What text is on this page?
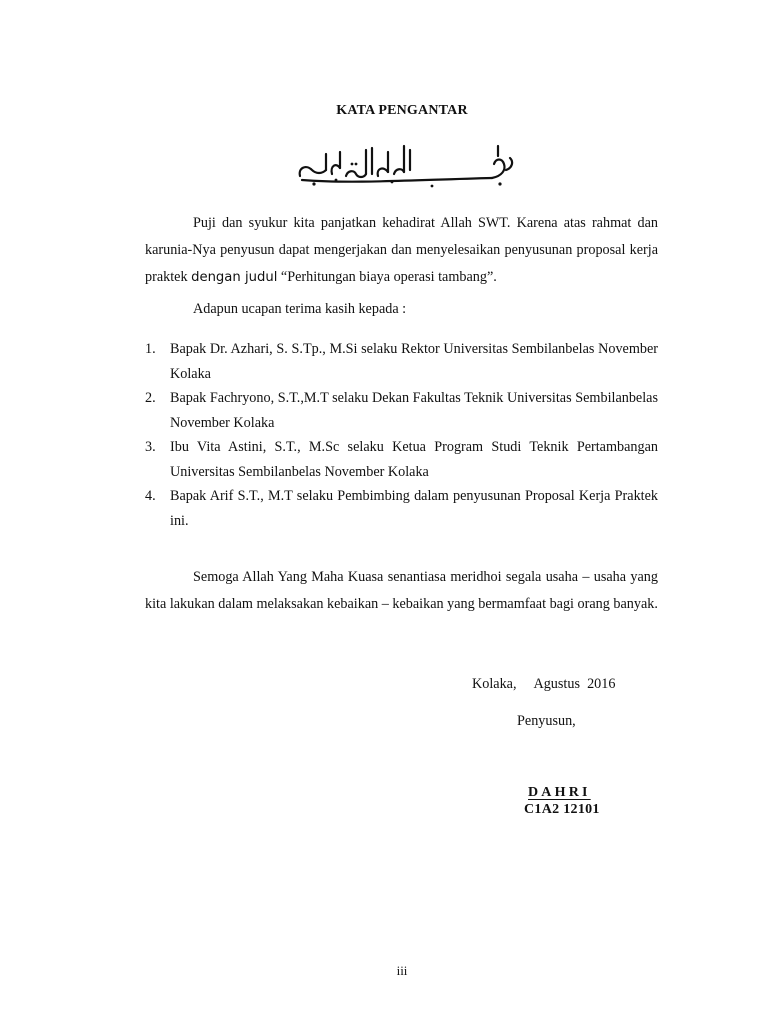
KATA PENGANTAR

Puji dan syukur kita panjatkan kehadirat Allah SWT. Karena atas rahmat dan karunia-Nya penyusun dapat mengerjakan dan menyelesaikan penyusunan proposal kerja praktek dengan judul “Perhitungan biaya operasi tambang”.

Adapun ucapan terima kasih kepada :

1. Bapak Dr. Azhari, S. S.Tp., M.Si selaku Rektor Universitas Sembilanbelas November Kolaka
2. Bapak Fachryono, S.T.,M.T selaku Dekan Fakultas Teknik Universitas Sembilanbelas November Kolaka
3. Ibu Vita Astini, S.T., M.Sc selaku Ketua Program Studi Teknik Pertambangan Universitas Sembilanbelas November Kolaka
4. Bapak Arif S.T., M.T selaku Pembimbing dalam penyusunan Proposal Kerja Praktek ini.

Semoga Allah Yang Maha Kuasa senantiasa meridhoi segala usaha – usaha yang kita lakukan dalam melaksakan kebaikan – kebaikan yang bermamfaat bagi orang banyak.

Kolaka,     Agustus  2016
Penyusun,
DAHRI
C1A2 12101
iii
